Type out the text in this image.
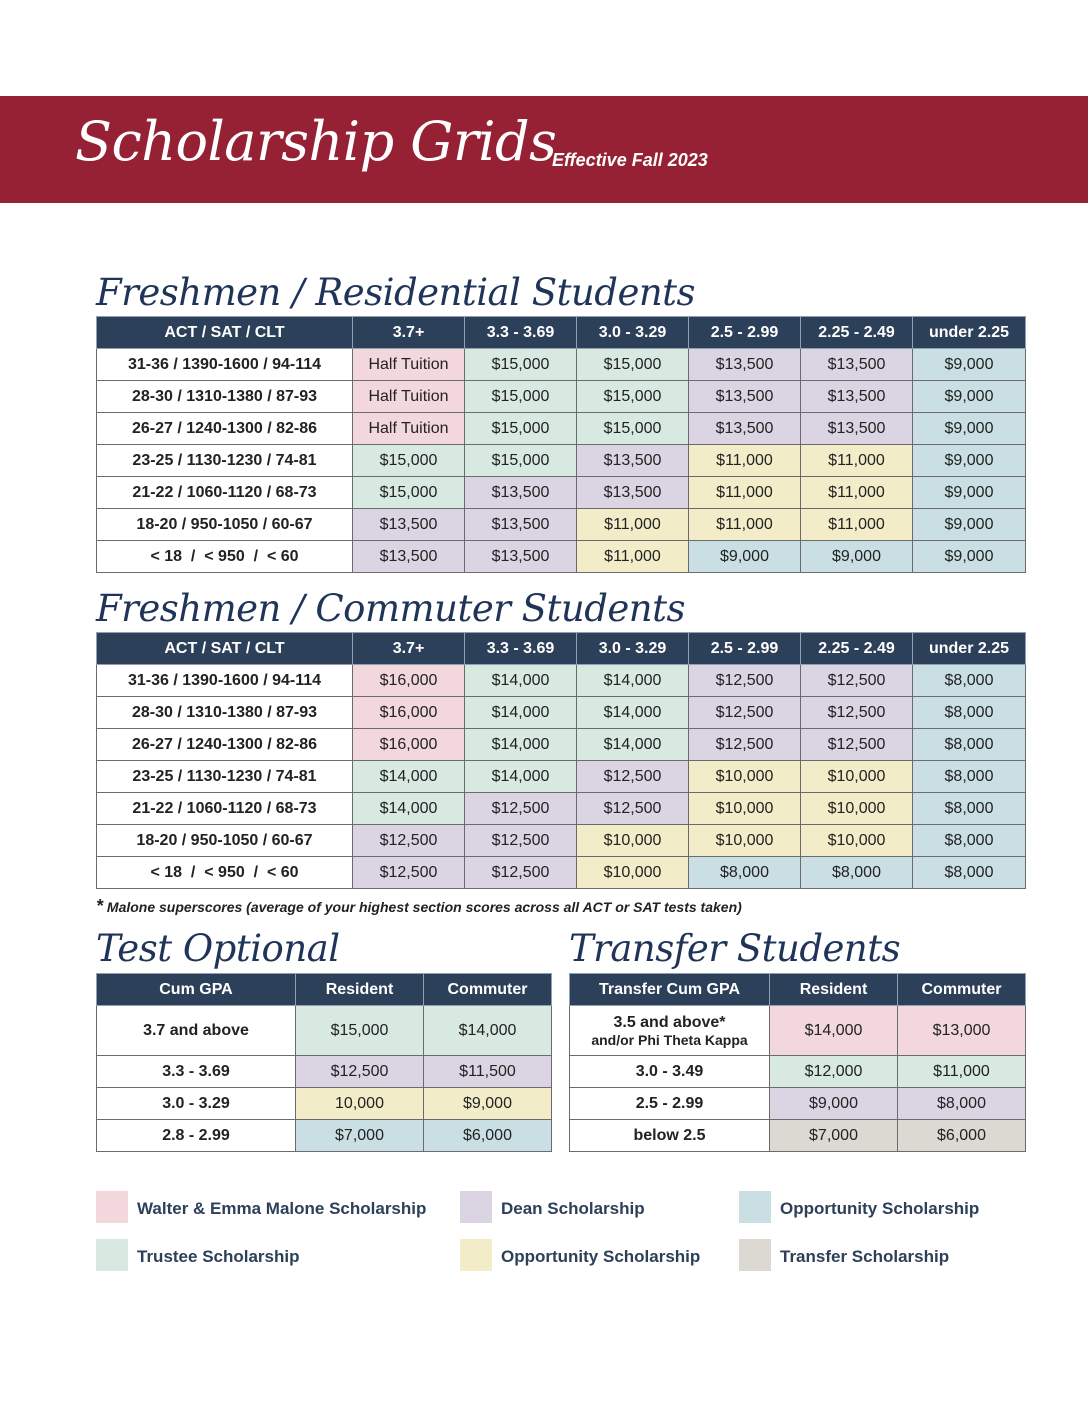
Scholarship Grids
Effective Fall 2023
Freshmen / Residential Students
ACT / SAT / CLT	3.7+	3.3 - 3.69	3.0 - 3.29	2.5 - 2.99	2.25 - 2.49	under 2.25
31-36 / 1390-1600 / 94-114	Half Tuition	$15,000	$15,000	$13,500	$13,500	$9,000
28-30 / 1310-1380 / 87-93	Half Tuition	$15,000	$15,000	$13,500	$13,500	$9,000
26-27 / 1240-1300 / 82-86	Half Tuition	$15,000	$15,000	$13,500	$13,500	$9,000
23-25 / 1130-1230 / 74-81	$15,000	$15,000	$13,500	$11,000	$11,000	$9,000
21-22 / 1060-1120 / 68-73	$15,000	$13,500	$13,500	$11,000	$11,000	$9,000
18-20 / 950-1050 / 60-67	$13,500	$13,500	$11,000	$11,000	$11,000	$9,000
< 18  /  < 950  /  < 60	$13,500	$13,500	$11,000	$9,000	$9,000	$9,000
Freshmen / Commuter Students
ACT / SAT / CLT	3.7+	3.3 - 3.69	3.0 - 3.29	2.5 - 2.99	2.25 - 2.49	under 2.25
31-36 / 1390-1600 / 94-114	$16,000	$14,000	$14,000	$12,500	$12,500	$8,000
28-30 / 1310-1380 / 87-93	$16,000	$14,000	$14,000	$12,500	$12,500	$8,000
26-27 / 1240-1300 / 82-86	$16,000	$14,000	$14,000	$12,500	$12,500	$8,000
23-25 / 1130-1230 / 74-81	$14,000	$14,000	$12,500	$10,000	$10,000	$8,000
21-22 / 1060-1120 / 68-73	$14,000	$12,500	$12,500	$10,000	$10,000	$8,000
18-20 / 950-1050 / 60-67	$12,500	$12,500	$10,000	$10,000	$10,000	$8,000
< 18  /  < 950  /  < 60	$12,500	$12,500	$10,000	$8,000	$8,000	$8,000
* Malone superscores (average of your highest section scores across all ACT or SAT tests taken)
Test Optional
Cum GPA	Resident	Commuter
3.7 and above	$15,000	$14,000
3.3 - 3.69	$12,500	$11,500
3.0 - 3.29	10,000	$9,000
2.8 - 2.99	$7,000	$6,000
Transfer Students
Transfer Cum GPA	Resident	Commuter

3.5 and above*
and/or Phi Theta Kappa	$14,000	$13,000
3.0 - 3.49	$12,000	$11,000
2.5 - 2.99	$9,000	$8,000
below 2.5	$7,000	$6,000
Walter & Emma Malone Scholarship	Dean Scholarship	Opportunity Scholarship
Trustee Scholarship	Opportunity Scholarship	Transfer Scholarship
